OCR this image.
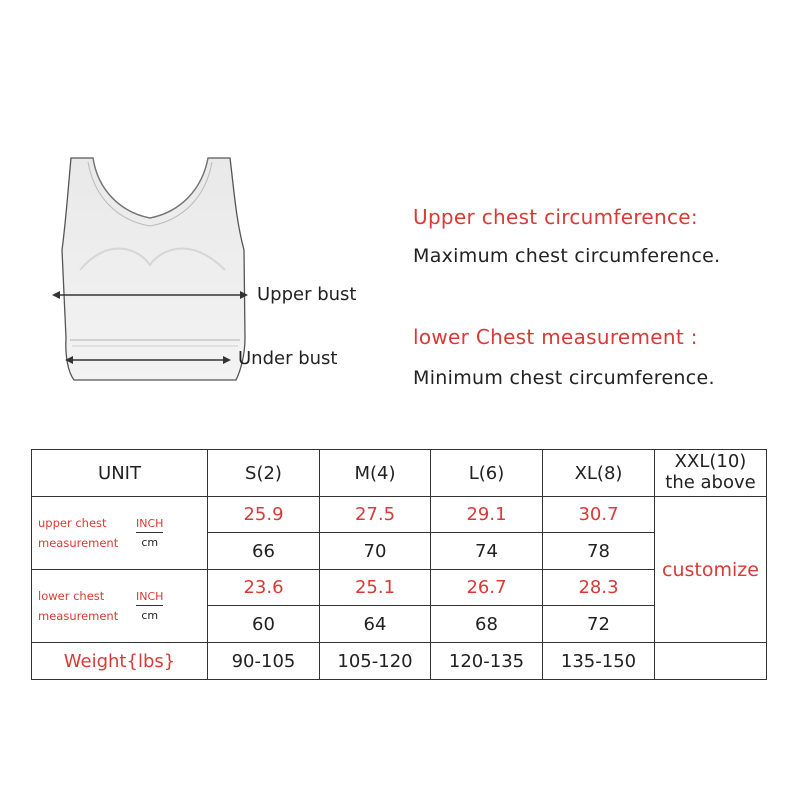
Upper bust
Under bust
Upper chest circumference:
Maximum chest circumference.
lower Chest measurement :
Minimum chest circumference.
UNIT	S(2)	M(4)	L(6)	XL(8)	XXL(10)
the above

upper chest
measurement
INCH
cm	25.9	27.5	29.1	30.7	customize
	66	70	74	78	

lower chest
measurement
INCH
cm	23.6	25.1	26.7	28.3	
	60	64	68	72	
Weight{lbs}	90-105	105-120	120-135	135-150	
